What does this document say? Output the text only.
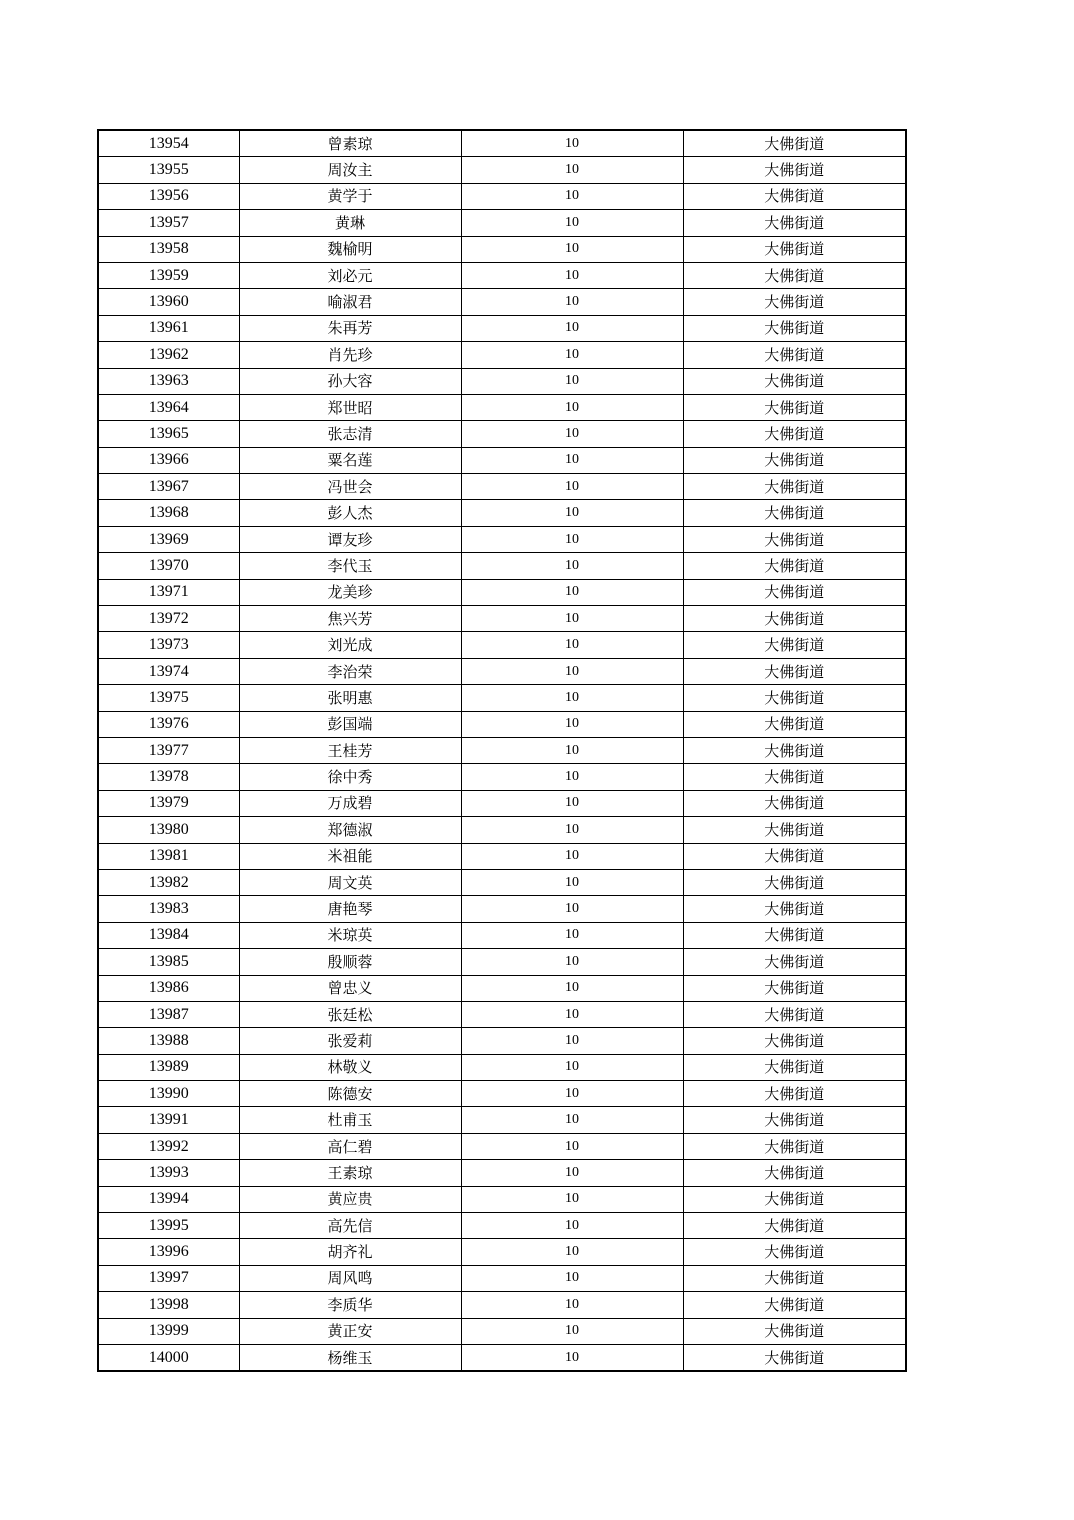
13954	曾素琼	10	大佛街道
13955	周汝主	10	大佛街道
13956	黄学于	10	大佛街道
13957	黄琳	10	大佛街道
13958	魏榆明	10	大佛街道
13959	刘必元	10	大佛街道
13960	喻淑君	10	大佛街道
13961	朱再芳	10	大佛街道
13962	肖先珍	10	大佛街道
13963	孙大容	10	大佛街道
13964	郑世昭	10	大佛街道
13965	张志清	10	大佛街道
13966	粟名莲	10	大佛街道
13967	冯世会	10	大佛街道
13968	彭人杰	10	大佛街道
13969	谭友珍	10	大佛街道
13970	李代玉	10	大佛街道
13971	龙美珍	10	大佛街道
13972	焦兴芳	10	大佛街道
13973	刘光成	10	大佛街道
13974	李治荣	10	大佛街道
13975	张明惠	10	大佛街道
13976	彭国端	10	大佛街道
13977	王桂芳	10	大佛街道
13978	徐中秀	10	大佛街道
13979	万成碧	10	大佛街道
13980	郑德淑	10	大佛街道
13981	米祖能	10	大佛街道
13982	周文英	10	大佛街道
13983	唐艳琴	10	大佛街道
13984	米琼英	10	大佛街道
13985	殷顺蓉	10	大佛街道
13986	曾忠义	10	大佛街道
13987	张廷松	10	大佛街道
13988	张爱莉	10	大佛街道
13989	林敬义	10	大佛街道
13990	陈德安	10	大佛街道
13991	杜甫玉	10	大佛街道
13992	高仁碧	10	大佛街道
13993	王素琼	10	大佛街道
13994	黄应贵	10	大佛街道
13995	高先信	10	大佛街道
13996	胡齐礼	10	大佛街道
13997	周风鸣	10	大佛街道
13998	李质华	10	大佛街道
13999	黄正安	10	大佛街道
14000	杨维玉	10	大佛街道
